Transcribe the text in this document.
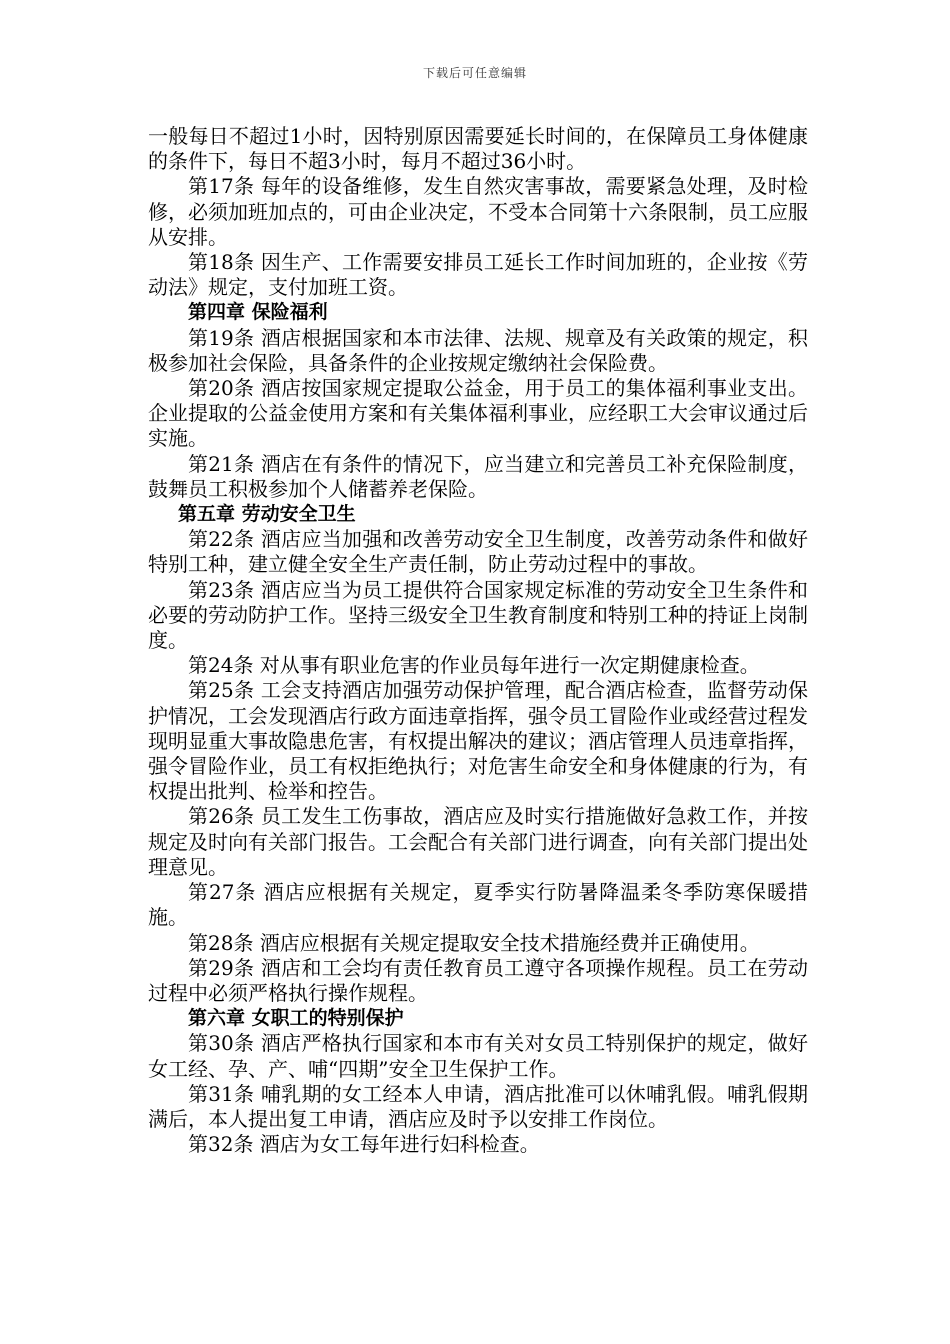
下载后可任意编辑

一般每日不超过1小时，因特别原因需要延长时间的，在保障员工身体健康的条件下，每日不超3小时，每月不超过36小时。

第17条 每年的设备维修，发生自然灾害事故，需要紧急处理，及时检修，必须加班加点的，可由企业决定，不受本合同第十六条限制，员工应服从安排。

第18条 因生产、工作需要安排员工延长工作时间加班的，企业按《劳动法》规定，支付加班工资。

第四章 保险福利

第19条 酒店根据国家和本市法律、法规、规章及有关政策的规定，积极参加社会保险，具备条件的企业按规定缴纳社会保险费。

第20条 酒店按国家规定提取公益金，用于员工的集体福利事业支出。企业提取的公益金使用方案和有关集体福利事业，应经职工大会审议通过后实施。

第21条 酒店在有条件的情况下，应当建立和完善员工补充保险制度，鼓舞员工积极参加个人储蓄养老保险。

第五章 劳动安全卫生

第22条 酒店应当加强和改善劳动安全卫生制度，改善劳动条件和做好特别工种，建立健全安全生产责任制，防止劳动过程中的事故。

第23条 酒店应当为员工提供符合国家规定标准的劳动安全卫生条件和必要的劳动防护工作。坚持三级安全卫生教育制度和特别工种的持证上岗制度。

第24条 对从事有职业危害的作业员每年进行一次定期健康检查。

第25条 工会支持酒店加强劳动保护管理，配合酒店检查，监督劳动保护情况，工会发现酒店行政方面违章指挥，强令员工冒险作业或经营过程发现明显重大事故隐患危害，有权提出解决的建议；酒店管理人员违章指挥，强令冒险作业，员工有权拒绝执行；对危害生命安全和身体健康的行为，有权提出批判、检举和控告。

第26条 员工发生工伤事故，酒店应及时实行措施做好急救工作，并按规定及时向有关部门报告。工会配合有关部门进行调查，向有关部门提出处理意见。

第27条 酒店应根据有关规定，夏季实行防暑降温柔冬季防寒保暖措施。

第28条 酒店应根据有关规定提取安全技术措施经费并正确使用。

第29条 酒店和工会均有责任教育员工遵守各项操作规程。员工在劳动过程中必须严格执行操作规程。

第六章 女职工的特别保护

第30条 酒店严格执行国家和本市有关对女员工特别保护的规定，做好女工经、孕、产、哺“四期”安全卫生保护工作。

第31条 哺乳期的女工经本人申请，酒店批准可以休哺乳假。哺乳假期满后，本人提出复工申请，酒店应及时予以安排工作岗位。

第32条 酒店为女工每年进行妇科检查。
